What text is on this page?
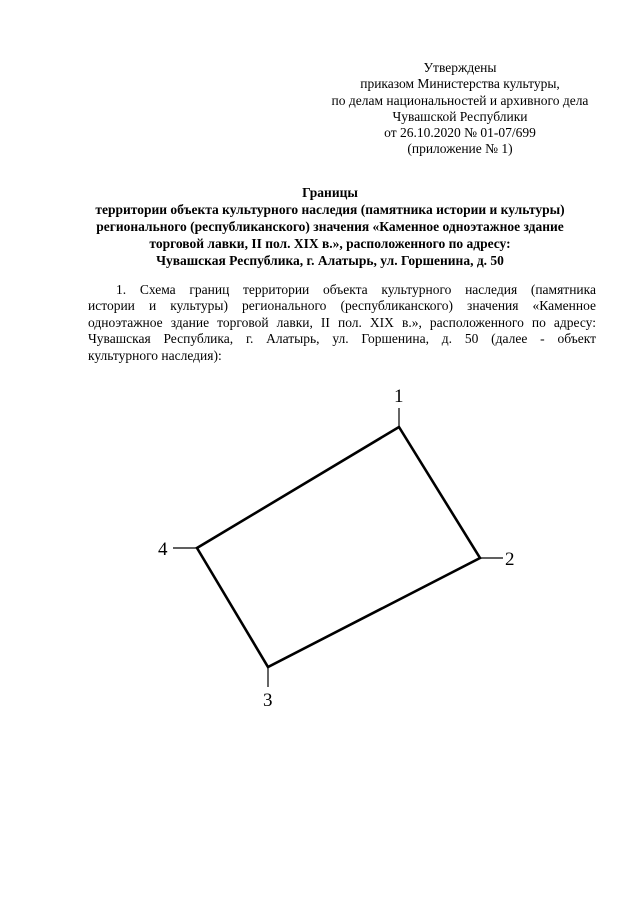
Утверждены
приказом Министерства культуры,
по делам национальностей и архивного дела
Чувашской Республики
от 26.10.2020 № 01-07/699
(приложение № 1)
Границы
территории объекта культурного наследия (памятника истории и культуры)
регионального (республиканского) значения «Каменное одноэтажное здание
торговой лавки, II пол. XIX в.», расположенного по адресу:
Чувашская Республика, г. Алатырь, ул. Горшенина, д. 50
1. Схема границ территории объекта культурного наследия (памятника
истории и культуры) регионального (республиканского) значения «Каменное
одноэтажное здание торговой лавки, II пол. XIX в.», расположенного по адресу:
Чувашская Республика, г. Алатырь, ул. Горшенина, д. 50 (далее - объект
культурного наследия):
1
2
3
4
